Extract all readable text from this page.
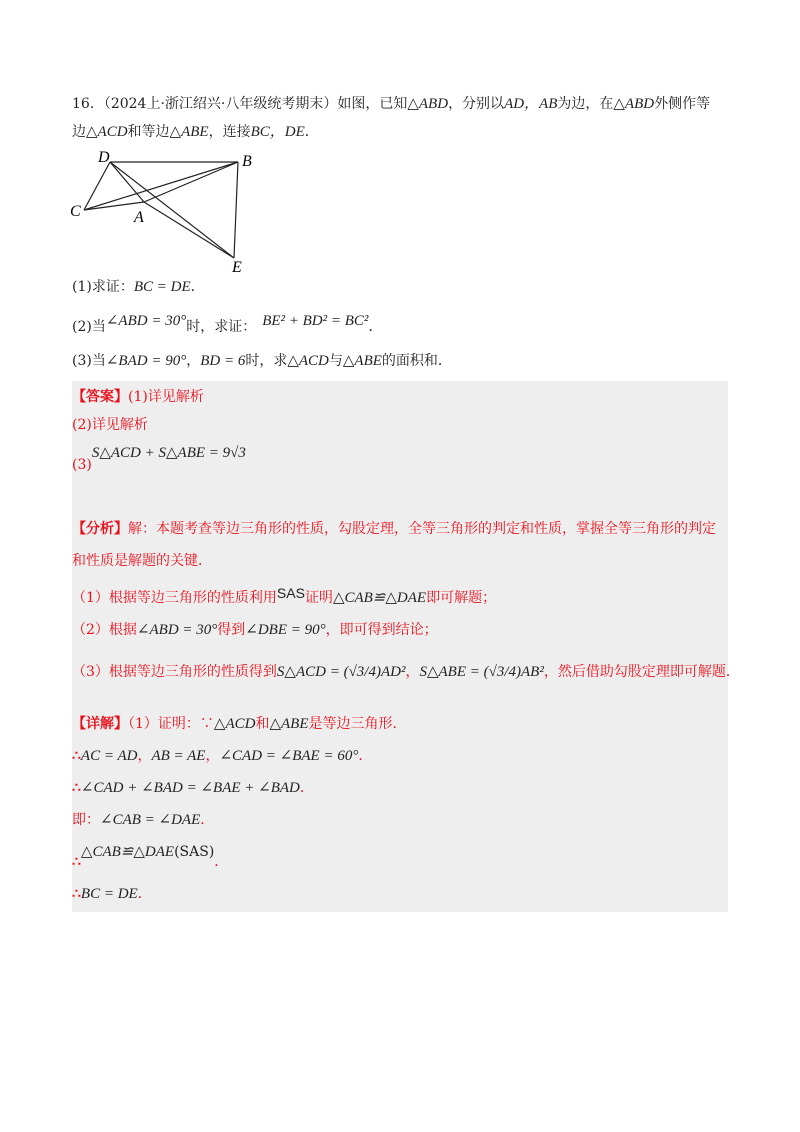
16．（2024上·浙江绍兴·八年级统考期末）如图，已知△ABD，分别以AD，AB为边，在△ABD外侧作等
边△ACD和等边△ABE，连接BC，DE．
D	B
C	A
E
(1)求证：BC = DE．
(2)当∠ABD = 30°时，求证： BE² + BD² = BC²．
(3)当∠BAD = 90°，BD = 6时，求△ACD与△ABE的面积和．
【答案】(1)详见解析
(2)详见解析
(3)S△ACD + S△ABE = 9√3
【分析】解：本题考查等边三角形的性质，勾股定理，全等三角形的判定和性质，掌握全等三角形的判定
和性质是解题的关键．
（1）根据等边三角形的性质利用SAS证明△CAB≌△DAE即可解题；
（2）根据∠ABD = 30°得到∠DBE = 90°，即可得到结论；
（3）根据等边三角形的性质得到S△ACD = (√3/4)AD²，S△ABE = (√3/4)AB²，然后借助勾股定理即可解题．
【详解】（1）证明：∵△ACD和△ABE是等边三角形．
∴AC = AD，AB = AE，∠CAD = ∠BAE = 60°．
∴∠CAD + ∠BAD = ∠BAE + ∠BAD．
即：∠CAB = ∠DAE．
∴△CAB≌△DAE(SAS)．
∴BC = DE．
